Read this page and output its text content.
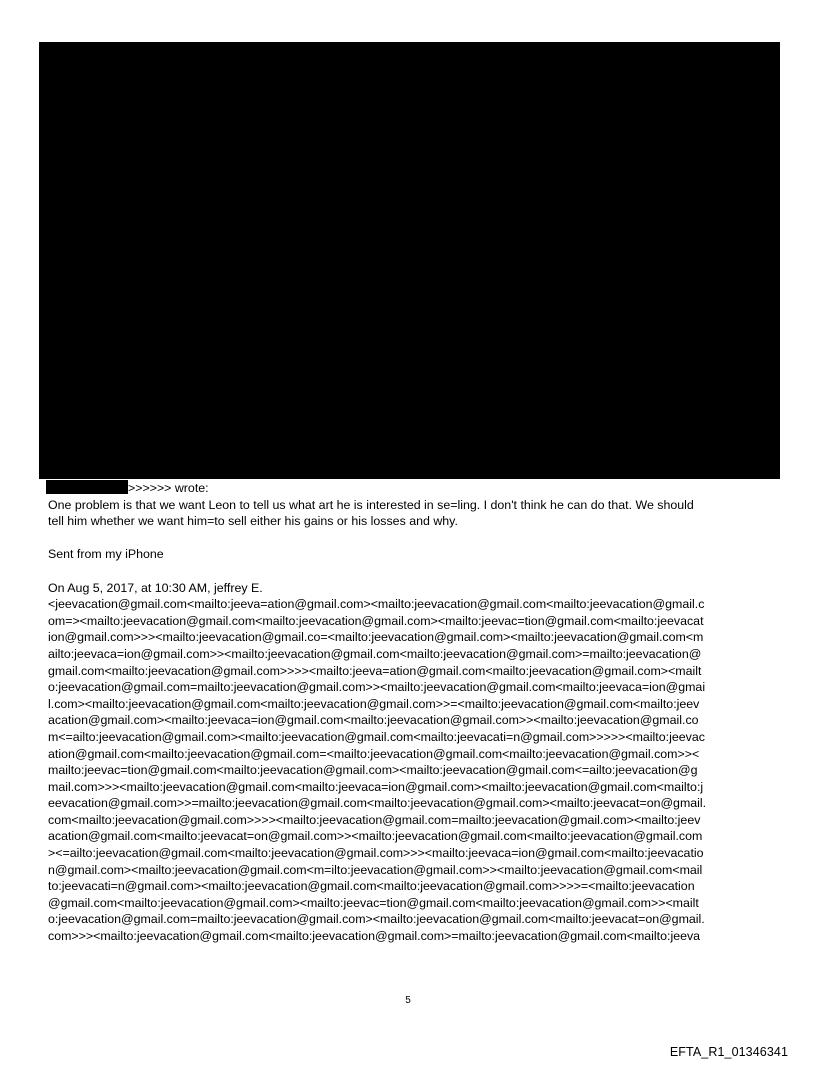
>>>>>> wrote:
One problem is that we want Leon to tell us what art he is interested in se=ling. I don't think he can do that. We should
tell him whether we want him=to sell either his gains or his losses and why.
Sent from my iPhone
On Aug 5, 2017, at 10:30 AM, jeffrey E.
<jeevacation@gmail.com<mailto:jeeva=ation@gmail.com><mailto:jeevacation@gmail.com<mailto:jeevacation@gmail.c
om=><mailto:jeevacation@gmail.com<mailto:jeevacation@gmail.com><mailto:jeevac=tion@gmail.com<mailto:jeevacat
ion@gmail.com>>><mailto:jeevacation@gmail.co=<mailto:jeevacation@gmail.com><mailto:jeevacation@gmail.com<m
ailto:jeevaca=ion@gmail.com>><mailto:jeevacation@gmail.com<mailto:jeevacation@gmail.com>=mailto:jeevacation@
gmail.com<mailto:jeevacation@gmail.com>>>><mailto:jeeva=ation@gmail.com<mailto:jeevacation@gmail.com><mailt
o:jeevacation@gmail.com=mailto:jeevacation@gmail.com>><mailto:jeevacation@gmail.com<mailto:jeevaca=ion@gmai
l.com><mailto:jeevacation@gmail.com<mailto:jeevacation@gmail.com>>=<mailto:jeevacation@gmail.com<mailto:jeev
acation@gmail.com><mailto:jeevaca=ion@gmail.com<mailto:jeevacation@gmail.com>><mailto:jeevacation@gmail.co
m<=ailto:jeevacation@gmail.com><mailto:jeevacation@gmail.com<mailto:jeevacati=n@gmail.com>>>>><mailto:jeevac
ation@gmail.com<mailto:jeevacation@gmail.com=<mailto:jeevacation@gmail.com<mailto:jeevacation@gmail.com>><
mailto:jeevac=tion@gmail.com<mailto:jeevacation@gmail.com><mailto:jeevacation@gmail.com<=ailto:jeevacation@g
mail.com>>><mailto:jeevacation@gmail.com<mailto:jeevaca=ion@gmail.com><mailto:jeevacation@gmail.com<mailto:j
eevacation@gmail.com>>=mailto:jeevacation@gmail.com<mailto:jeevacation@gmail.com><mailto:jeevacat=on@gmail.
com<mailto:jeevacation@gmail.com>>>><mailto:jeevacation@gmail.com=mailto:jeevacation@gmail.com><mailto:jeev
acation@gmail.com<mailto:jeevacat=on@gmail.com>><mailto:jeevacation@gmail.com<mailto:jeevacation@gmail.com
><=ailto:jeevacation@gmail.com<mailto:jeevacation@gmail.com>>><mailto:jeevaca=ion@gmail.com<mailto:jeevacatio
n@gmail.com><mailto:jeevacation@gmail.com<m=ilto:jeevacation@gmail.com>><mailto:jeevacation@gmail.com<mail
to:jeevacati=n@gmail.com><mailto:jeevacation@gmail.com<mailto:jeevacation@gmail.com>>>>=<mailto:jeevacation
@gmail.com<mailto:jeevacation@gmail.com><mailto:jeevac=tion@gmail.com<mailto:jeevacation@gmail.com>><mailt
o:jeevacation@gmail.com=mailto:jeevacation@gmail.com><mailto:jeevacation@gmail.com<mailto:jeevacat=on@gmail.
com>>><mailto:jeevacation@gmail.com<mailto:jeevacation@gmail.com>=mailto:jeevacation@gmail.com<mailto:jeeva
5
EFTA_R1_01346341
